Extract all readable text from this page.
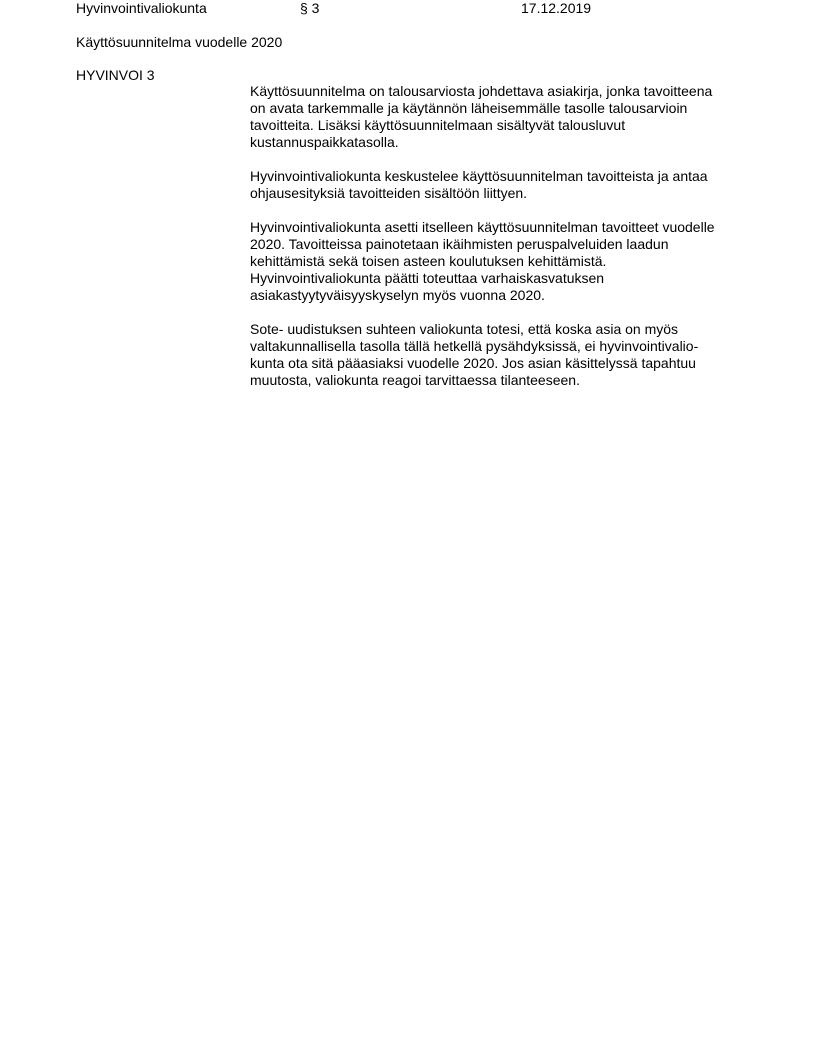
Hyvinvointivaliokunta	§ 3	17.12.2019
Käyttösuunnitelma vuodelle 2020
HYVINVOI 3

Käyttösuunnitelma on talousarviosta johdettava asiakirja, jonka tavoitteena
on avata tarkemmalle ja käytännön läheisemmälle tasolle talousarvioin
tavoitteita. Lisäksi käyttösuunnitelmaan sisältyvät talousluvut
kustannuspaikkatasolla.

Hyvinvointivaliokunta keskustelee käyttösuunnitelman tavoitteista ja antaa
ohjausesityksiä tavoitteiden sisältöön liittyen.

Hyvinvointivaliokunta asetti itselleen käyttösuunnitelman tavoitteet vuodelle
2020. Tavoitteissa painotetaan ikäihmisten peruspalveluiden laadun
kehittämistä sekä toisen asteen koulutuksen kehittämistä.
Hyvinvointivaliokunta päätti toteuttaa varhaiskasvatuksen
asiakastyytyväisyyskyselyn myös vuonna 2020.

Sote- uudistuksen suhteen valiokunta totesi, että koska asia on myös
valtakunnallisella tasolla tällä hetkellä pysähdyksissä, ei hyvinvointivalio-
kunta ota sitä pääasiaksi vuodelle 2020. Jos asian käsittelyssä tapahtuu
muutosta, valiokunta reagoi tarvittaessa tilanteeseen.
